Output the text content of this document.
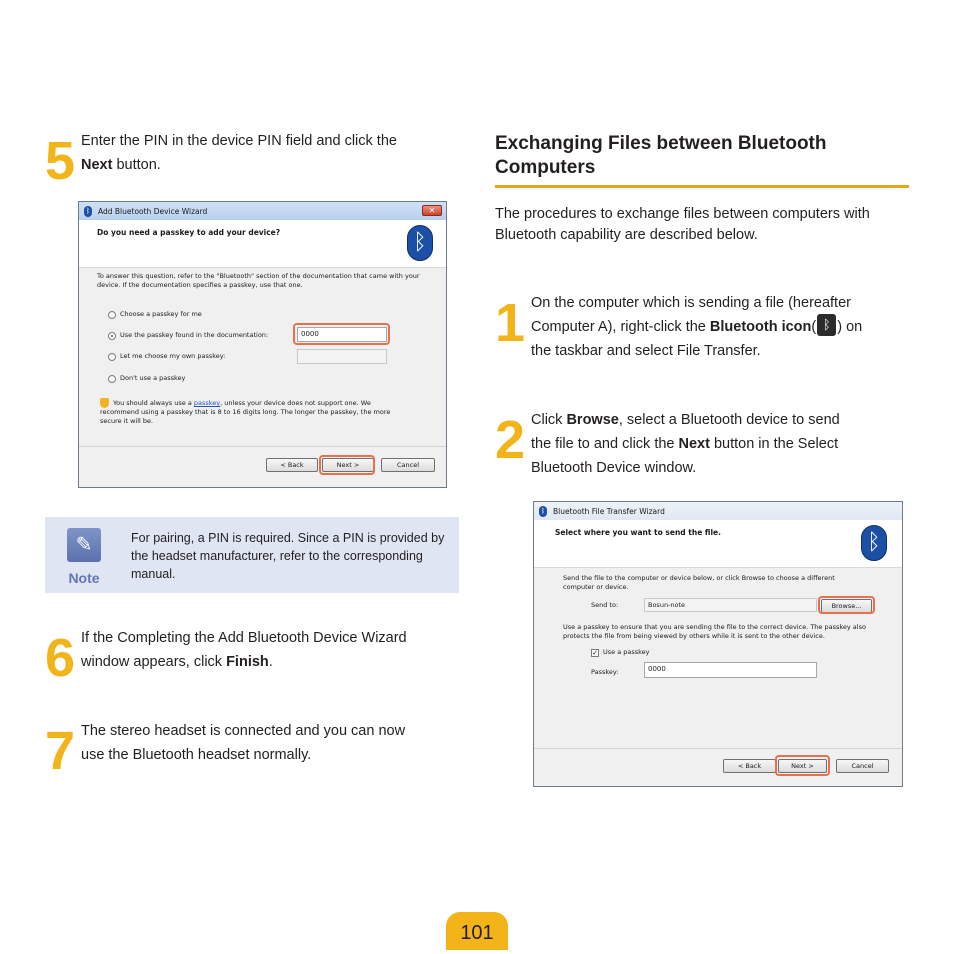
5 Enter the PIN in the device PIN field and click the
Next button.
ᛒ Add Bluetooth Device Wizard	✕
Do you need a passkey to add your device?	ᛒ
To answer this question, refer to the "Bluetooth" section of the documentation that came with your device. If the documentation specifies a passkey, use that one.
Choose a passkey for me
Use the passkey found in the documentation:	0000
Let me choose my own passkey:
Don't use a passkey
You should always use a passkey, unless your device does not support one. We recommend using a passkey that is 8 to 16 digits long. The longer the passkey, the more secure it will be.
< Back	Next >	Cancel
✎
Note
For pairing, a PIN is required. Since a PIN is provided by the headset manufacturer, refer to the corresponding manual.
6 If the Completing the Add Bluetooth Device Wizard
window appears, click Finish.
7 The stereo headset is connected and you can now
use the Bluetooth headset normally.
Exchanging Files between Bluetooth
Computers
The procedures to exchange files between computers with Bluetooth capability are described below.
1 On the computer which is sending a file (hereafter
Computer A), right-click the Bluetooth icon( ᛒ ) on
the taskbar and select File Transfer.
2 Click Browse, select a Bluetooth device to send
the file to and click the Next button in the Select
Bluetooth Device window.
ᛒ Bluetooth File Transfer Wizard
Select where you want to send the file.	ᛒ
Send the file to the computer or device below, or click Browse to choose a different computer or device.
Send to:	Bosun-note	Browse...
Use a passkey to ensure that you are sending the file to the correct device. The passkey also protects the file from being viewed by others while it is sent to the other device.
✓ Use a passkey
Passkey:	0000
< Back	Next >	Cancel
101
